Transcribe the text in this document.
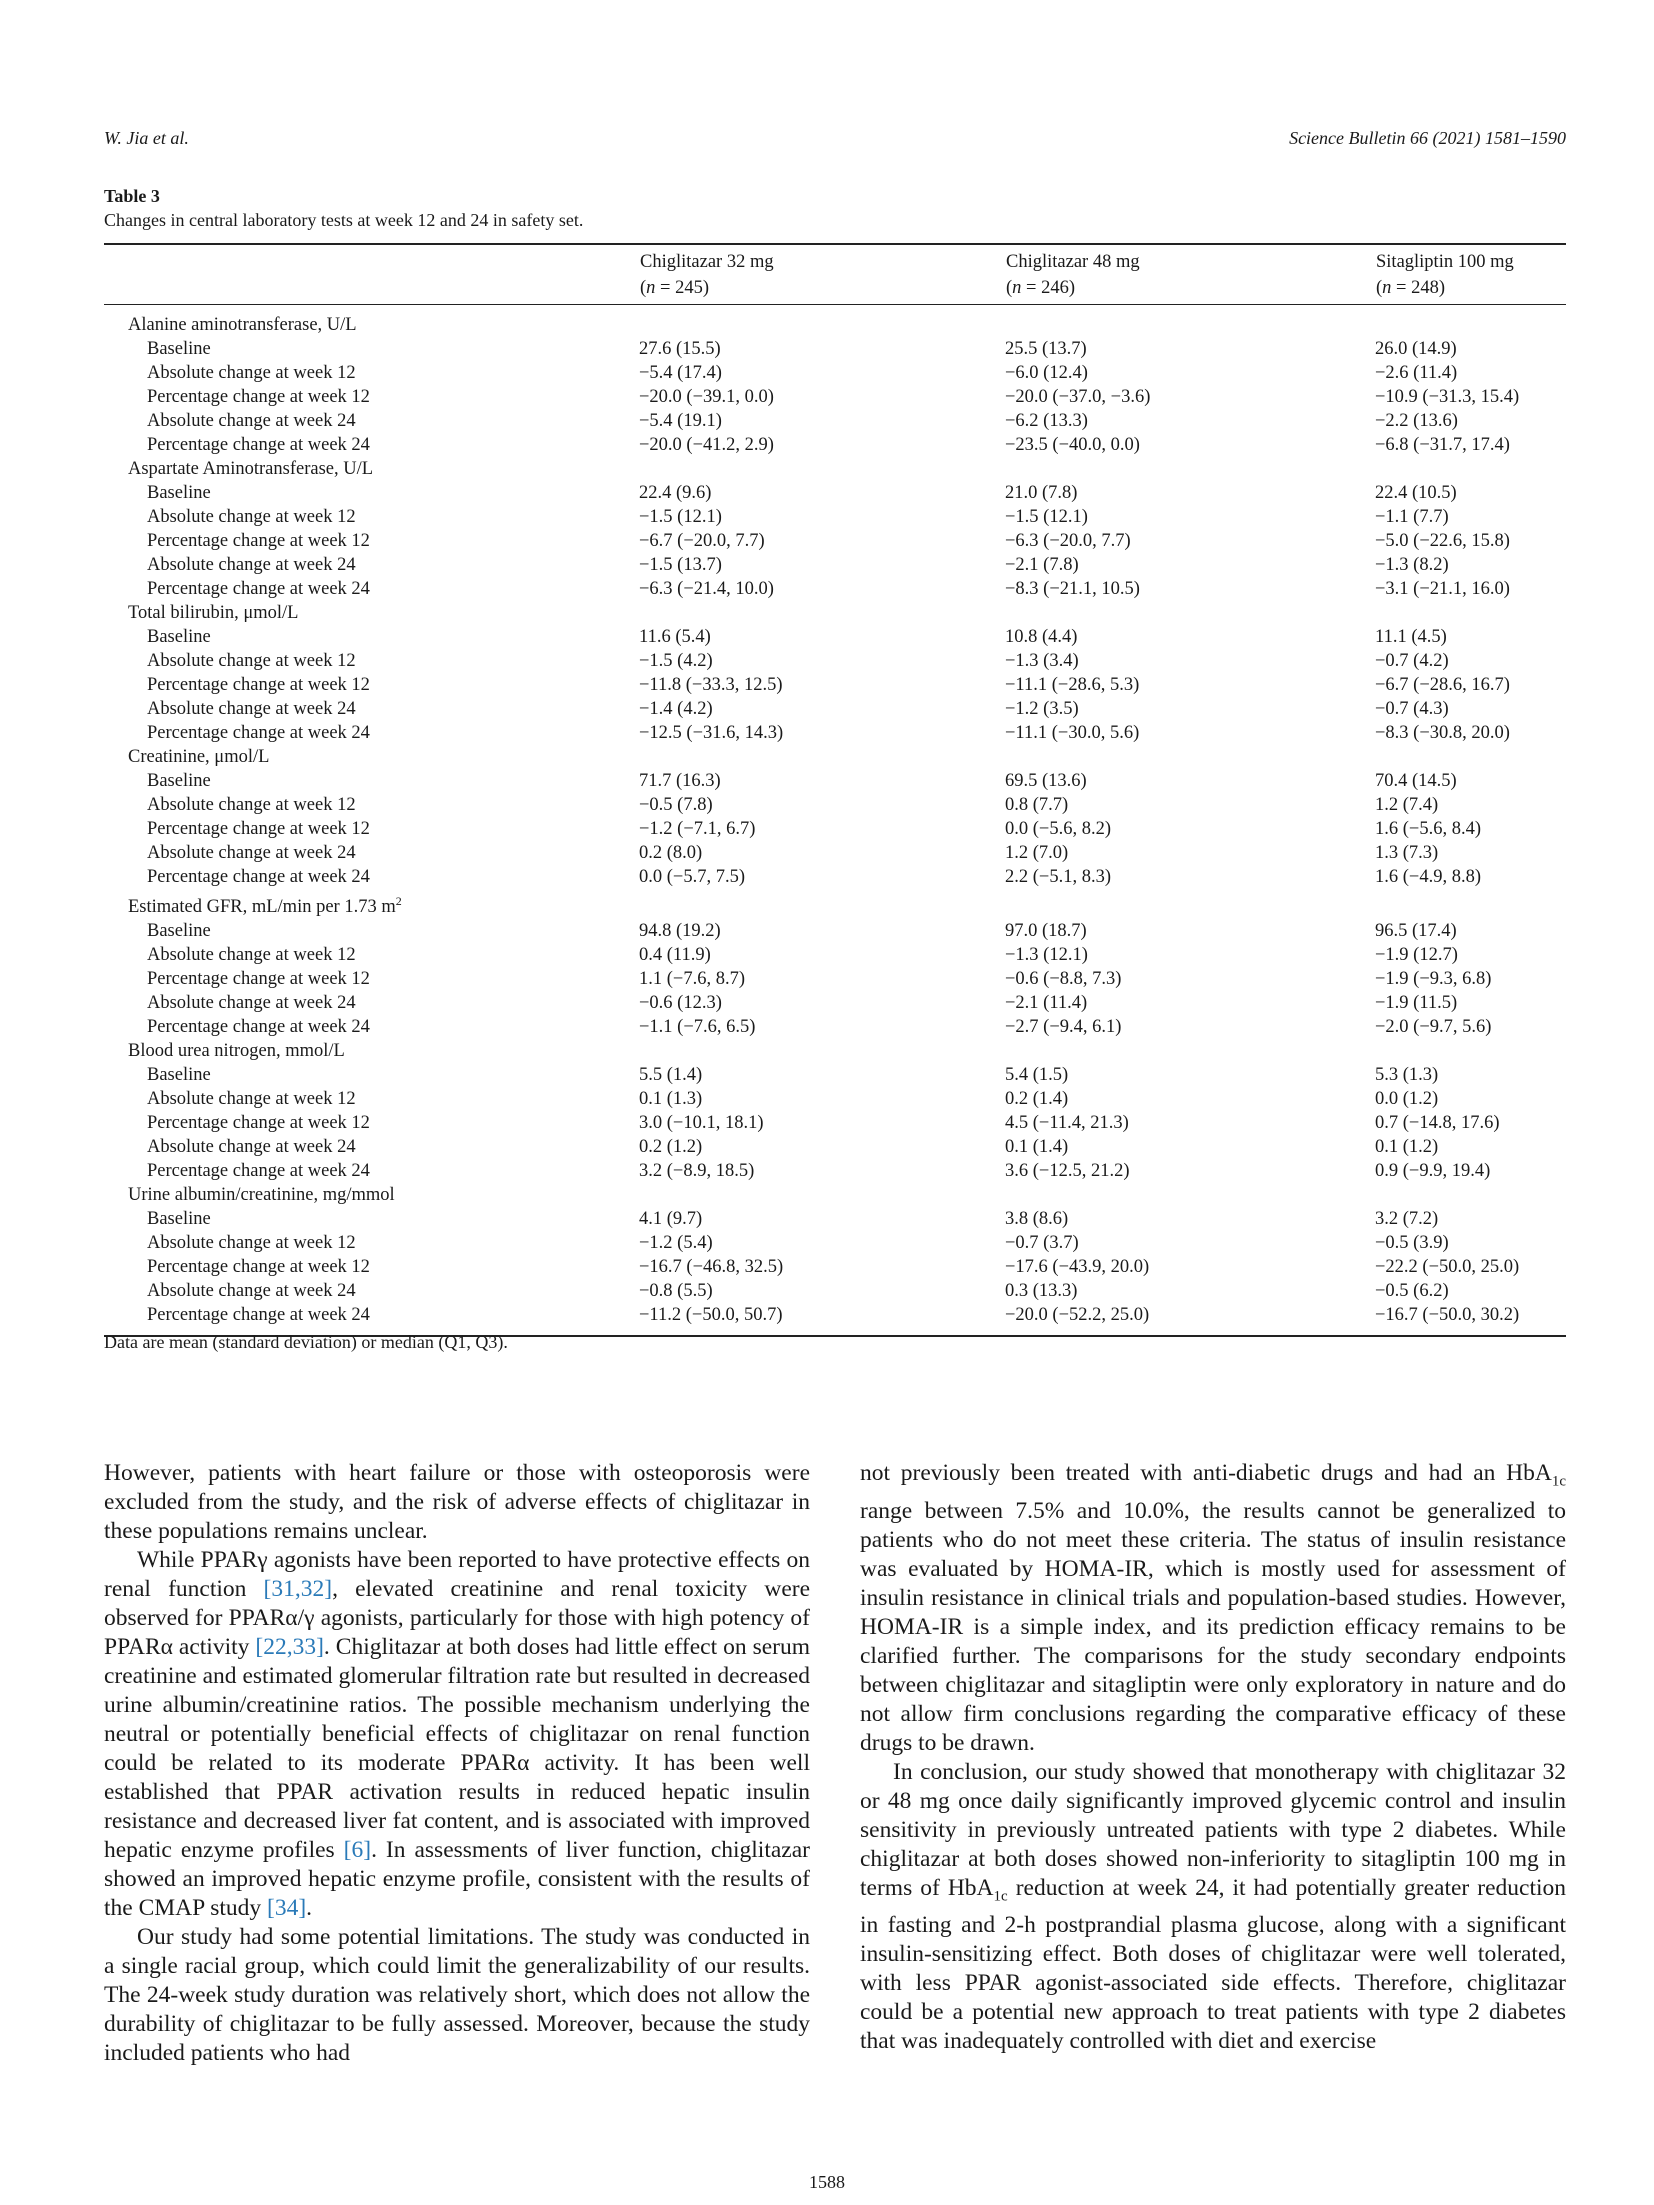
W. Jia et al.	Science Bulletin 66 (2021) 1581–1590
Table 3
Changes in central laboratory tests at week 12 and 24 in safety set.
	Chiglitazar 32 mg	Chiglitazar 48 mg	Sitagliptin 100 mg
	(n = 245)	(n = 246)	(n = 248)
Alanine aminotransferase, U/L			
Baseline	27.6 (15.5)	25.5 (13.7)	26.0 (14.9)
Absolute change at week 12	−5.4 (17.4)	−6.0 (12.4)	−2.6 (11.4)
Percentage change at week 12	−20.0 (−39.1, 0.0)	−20.0 (−37.0, −3.6)	−10.9 (−31.3, 15.4)
Absolute change at week 24	−5.4 (19.1)	−6.2 (13.3)	−2.2 (13.6)
Percentage change at week 24	−20.0 (−41.2, 2.9)	−23.5 (−40.0, 0.0)	−6.8 (−31.7, 17.4)
Aspartate Aminotransferase, U/L			
Baseline	22.4 (9.6)	21.0 (7.8)	22.4 (10.5)
Absolute change at week 12	−1.5 (12.1)	−1.5 (12.1)	−1.1 (7.7)
Percentage change at week 12	−6.7 (−20.0, 7.7)	−6.3 (−20.0, 7.7)	−5.0 (−22.6, 15.8)
Absolute change at week 24	−1.5 (13.7)	−2.1 (7.8)	−1.3 (8.2)
Percentage change at week 24	−6.3 (−21.4, 10.0)	−8.3 (−21.1, 10.5)	−3.1 (−21.1, 16.0)
Total bilirubin, μmol/L			
Baseline	11.6 (5.4)	10.8 (4.4)	11.1 (4.5)
Absolute change at week 12	−1.5 (4.2)	−1.3 (3.4)	−0.7 (4.2)
Percentage change at week 12	−11.8 (−33.3, 12.5)	−11.1 (−28.6, 5.3)	−6.7 (−28.6, 16.7)
Absolute change at week 24	−1.4 (4.2)	−1.2 (3.5)	−0.7 (4.3)
Percentage change at week 24	−12.5 (−31.6, 14.3)	−11.1 (−30.0, 5.6)	−8.3 (−30.8, 20.0)
Creatinine, μmol/L			
Baseline	71.7 (16.3)	69.5 (13.6)	70.4 (14.5)
Absolute change at week 12	−0.5 (7.8)	0.8 (7.7)	1.2 (7.4)
Percentage change at week 12	−1.2 (−7.1, 6.7)	0.0 (−5.6, 8.2)	1.6 (−5.6, 8.4)
Absolute change at week 24	0.2 (8.0)	1.2 (7.0)	1.3 (7.3)
Percentage change at week 24	0.0 (−5.7, 7.5)	2.2 (−5.1, 8.3)	1.6 (−4.9, 8.8)
Estimated GFR, mL/min per 1.73 $m^2$			
Baseline	94.8 (19.2)	97.0 (18.7)	96.5 (17.4)
Absolute change at week 12	0.4 (11.9)	−1.3 (12.1)	−1.9 (12.7)
Percentage change at week 12	1.1 (−7.6, 8.7)	−0.6 (−8.8, 7.3)	−1.9 (−9.3, 6.8)
Absolute change at week 24	−0.6 (12.3)	−2.1 (11.4)	−1.9 (11.5)
Percentage change at week 24	−1.1 (−7.6, 6.5)	−2.7 (−9.4, 6.1)	−2.0 (−9.7, 5.6)
Blood urea nitrogen, mmol/L			
Baseline	5.5 (1.4)	5.4 (1.5)	5.3 (1.3)
Absolute change at week 12	0.1 (1.3)	0.2 (1.4)	0.0 (1.2)
Percentage change at week 12	3.0 (−10.1, 18.1)	4.5 (−11.4, 21.3)	0.7 (−14.8, 17.6)
Absolute change at week 24	0.2 (1.2)	0.1 (1.4)	0.1 (1.2)
Percentage change at week 24	3.2 (−8.9, 18.5)	3.6 (−12.5, 21.2)	0.9 (−9.9, 19.4)
Urine albumin/creatinine, mg/mmol			
Baseline	4.1 (9.7)	3.8 (8.6)	3.2 (7.2)
Absolute change at week 12	−1.2 (5.4)	−0.7 (3.7)	−0.5 (3.9)
Percentage change at week 12	−16.7 (−46.8, 32.5)	−17.6 (−43.9, 20.0)	−22.2 (−50.0, 25.0)
Absolute change at week 24	−0.8 (5.5)	0.3 (13.3)	−0.5 (6.2)
Percentage change at week 24	−11.2 (−50.0, 50.7)	−20.0 (−52.2, 25.0)	−16.7 (−50.0, 30.2)
Data are mean (standard deviation) or median (Q1, Q3).

However, patients with heart failure or those with osteoporosis were excluded from the study, and the risk of adverse effects of chiglitazar in these populations remains unclear.

While PPARγ agonists have been reported to have protective effects on renal function [31,32], elevated creatinine and renal toxicity were observed for PPARα/γ agonists, particularly for those with high potency of PPARα activity [22,33]. Chiglitazar at both doses had little effect on serum creatinine and estimated glomerular filtration rate but resulted in decreased urine albumin/creatinine ratios. The possible mechanism underlying the neutral or potentially beneficial effects of chiglitazar on renal function could be related to its moderate PPARα activity. It has been well established that PPAR activation results in reduced hepatic insulin resistance and decreased liver fat content, and is associated with improved hepatic enzyme profiles [6]. In assessments of liver function, chiglitazar showed an improved hepatic enzyme profile, consistent with the results of the CMAP study [34].

Our study had some potential limitations. The study was conducted in a single racial group, which could limit the generalizability of our results. The 24-week study duration was relatively short, which does not allow the durability of chiglitazar to be fully assessed. Moreover, because the study included patients who had

not previously been treated with anti-diabetic drugs and had an HbA$_{1c}$ range between 7.5% and 10.0%, the results cannot be generalized to patients who do not meet these criteria. The status of insulin resistance was evaluated by HOMA-IR, which is mostly used for assessment of insulin resistance in clinical trials and population-based studies. However, HOMA-IR is a simple index, and its prediction efficacy remains to be clarified further. The comparisons for the study secondary endpoints between chiglitazar and sitagliptin were only exploratory in nature and do not allow firm conclusions regarding the comparative efficacy of these drugs to be drawn.

In conclusion, our study showed that monotherapy with chiglitazar 32 or 48 mg once daily significantly improved glycemic control and insulin sensitivity in previously untreated patients with type 2 diabetes. While chiglitazar at both doses showed non-inferiority to sitagliptin 100 mg in terms of HbA$_{1c}$ reduction at week 24, it had potentially greater reduction in fasting and 2-h postprandial plasma glucose, along with a significant insulin-sensitizing effect. Both doses of chiglitazar were well tolerated, with less PPAR agonist-associated side effects. Therefore, chiglitazar could be a potential new approach to treat patients with type 2 diabetes that was inadequately controlled with diet and exercise

1588
